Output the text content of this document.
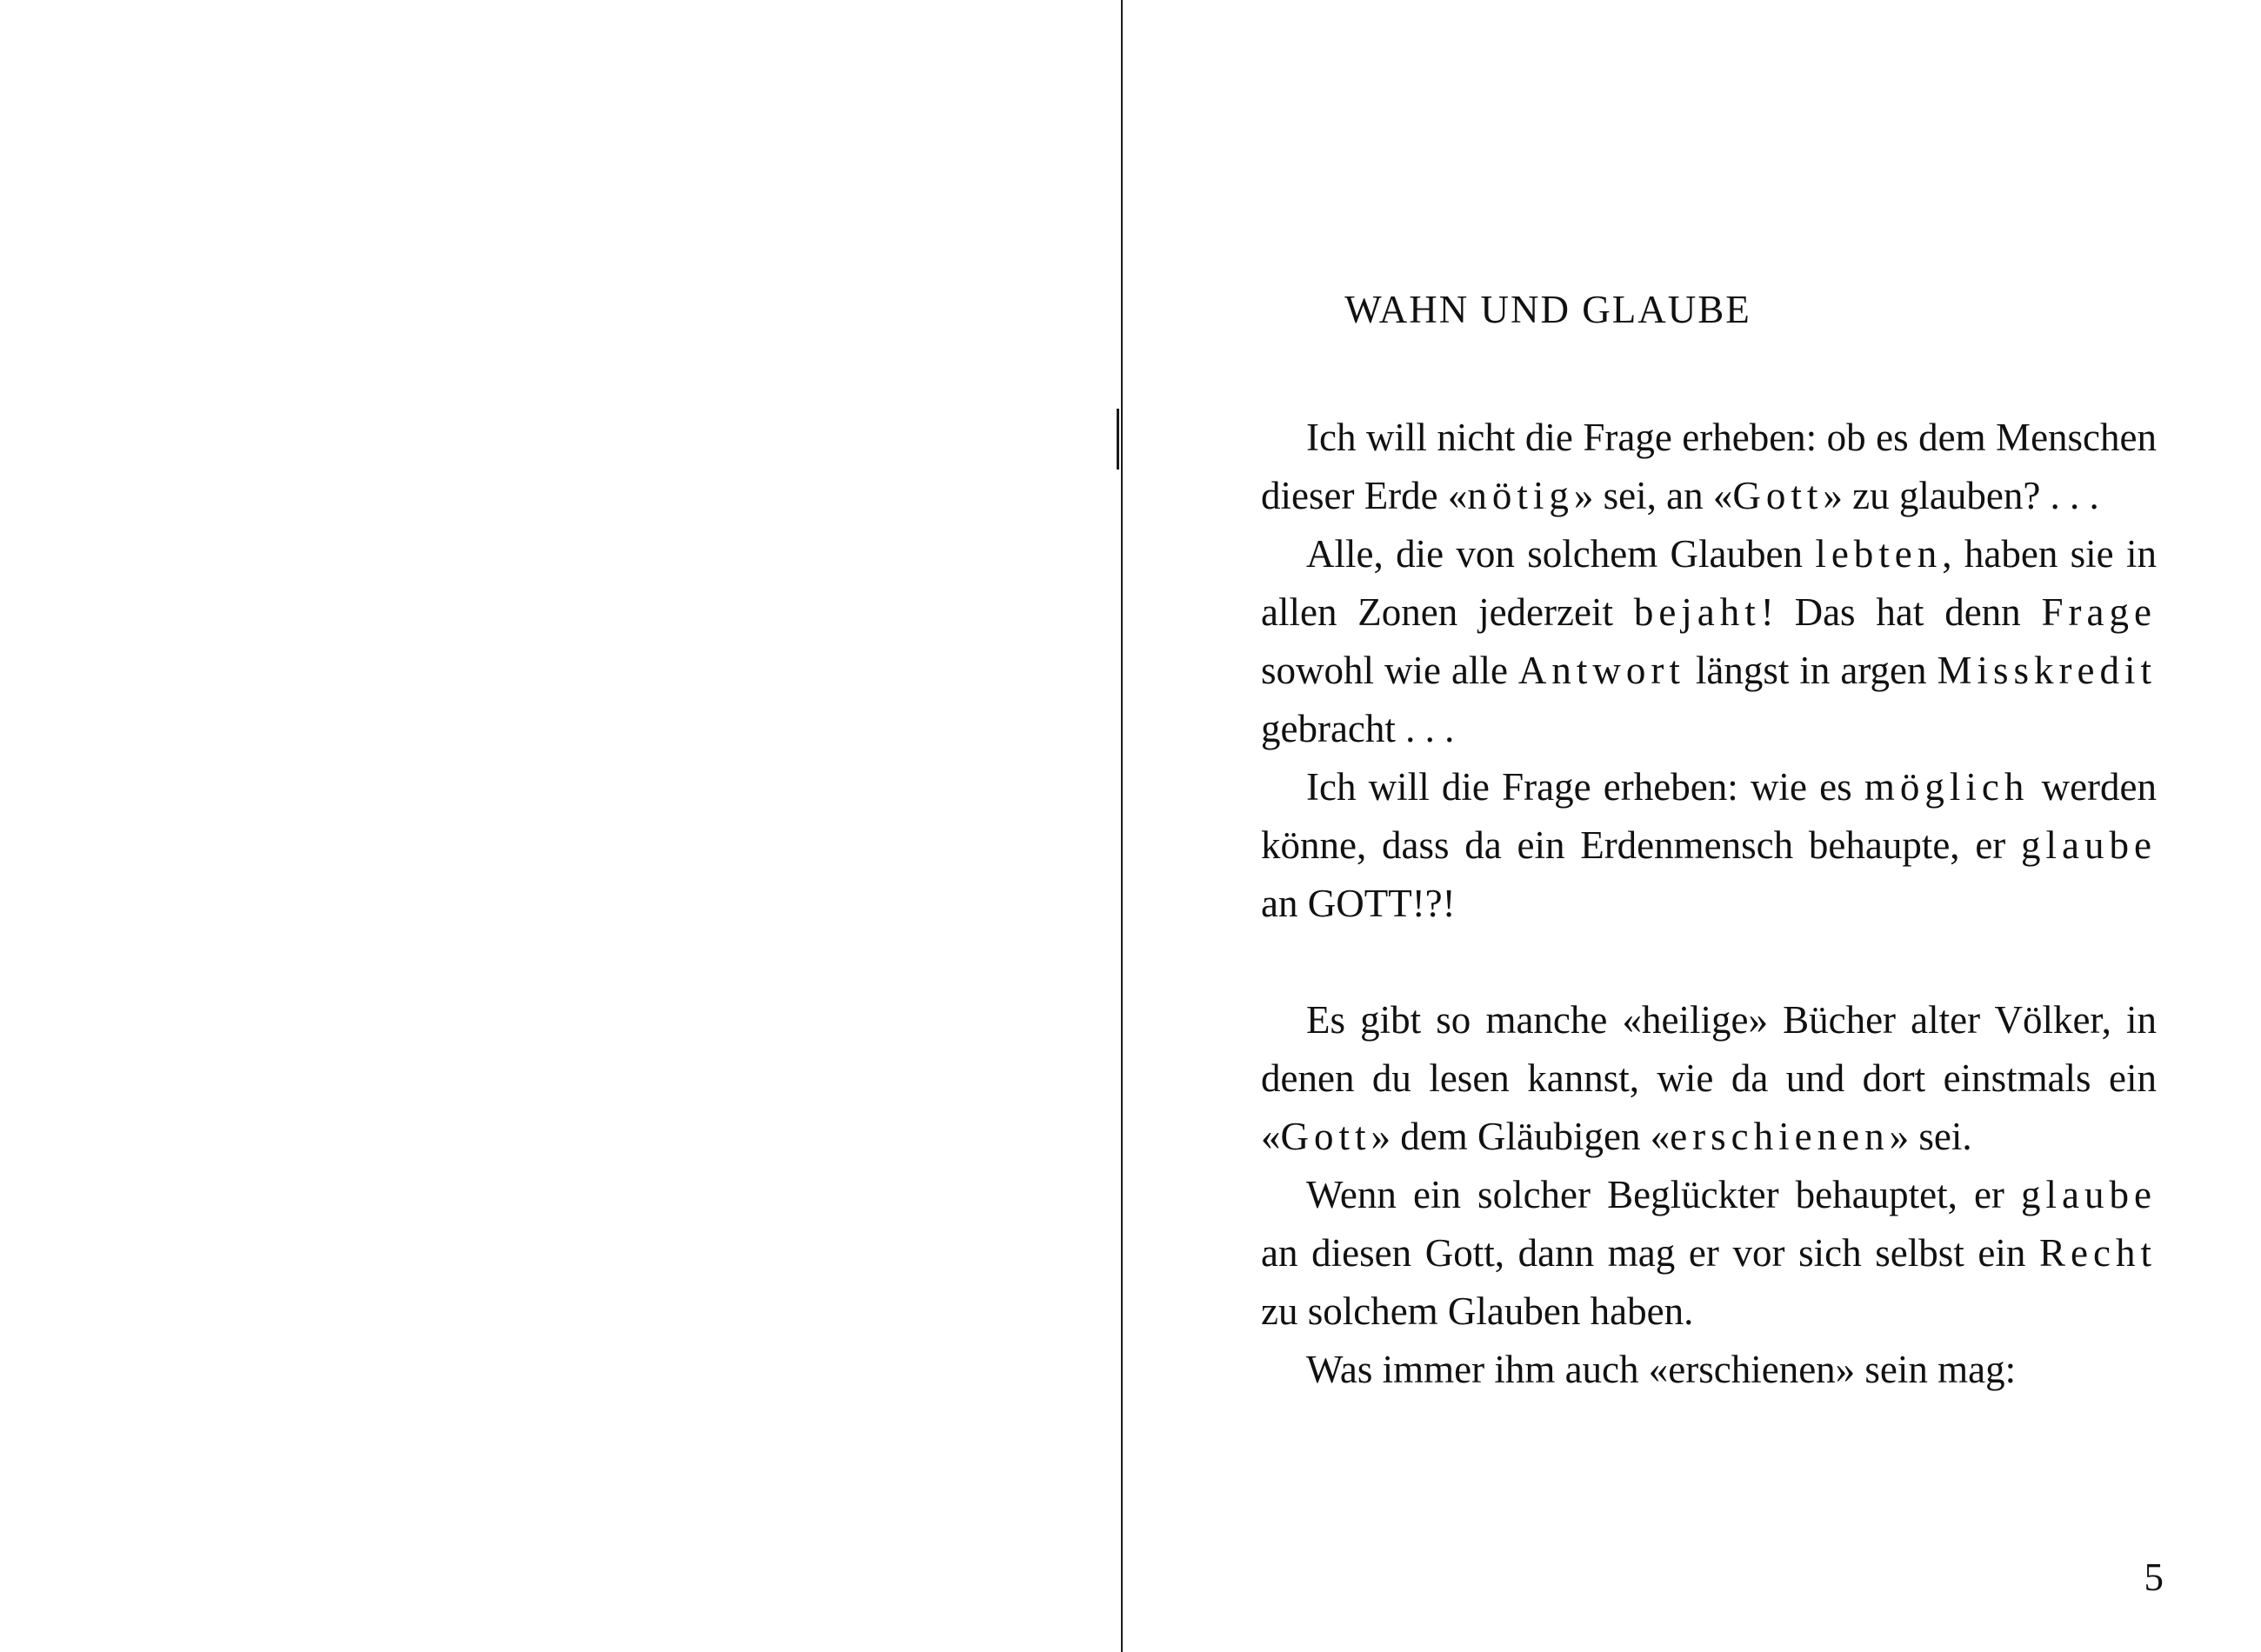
WAHN UND GLAUBE

Ich will nicht die Frage erheben: ob es dem Menschen dieser Erde «nötig» sei, an «Gott» zu glauben? . . .

Alle, die von solchem Glauben lebten, haben sie in allen Zonen jederzeit bejaht! Das hat denn Frage sowohl wie alle Antwort längst in argen Misskredit gebracht . . .

Ich will die Frage erheben: wie es möglich werden könne, dass da ein Erdenmensch behaupte, er glaube an GOTT!?!

Es gibt so manche «heilige» Bücher alter Völker, in denen du lesen kannst, wie da und dort einstmals ein «Gott» dem Gläubigen «erschienen» sei.

Wenn ein solcher Beglückter behauptet, er glaube an diesen Gott, dann mag er vor sich selbst ein Recht zu solchem Glauben haben.

Was immer ihm auch «erschienen» sein mag:

5
